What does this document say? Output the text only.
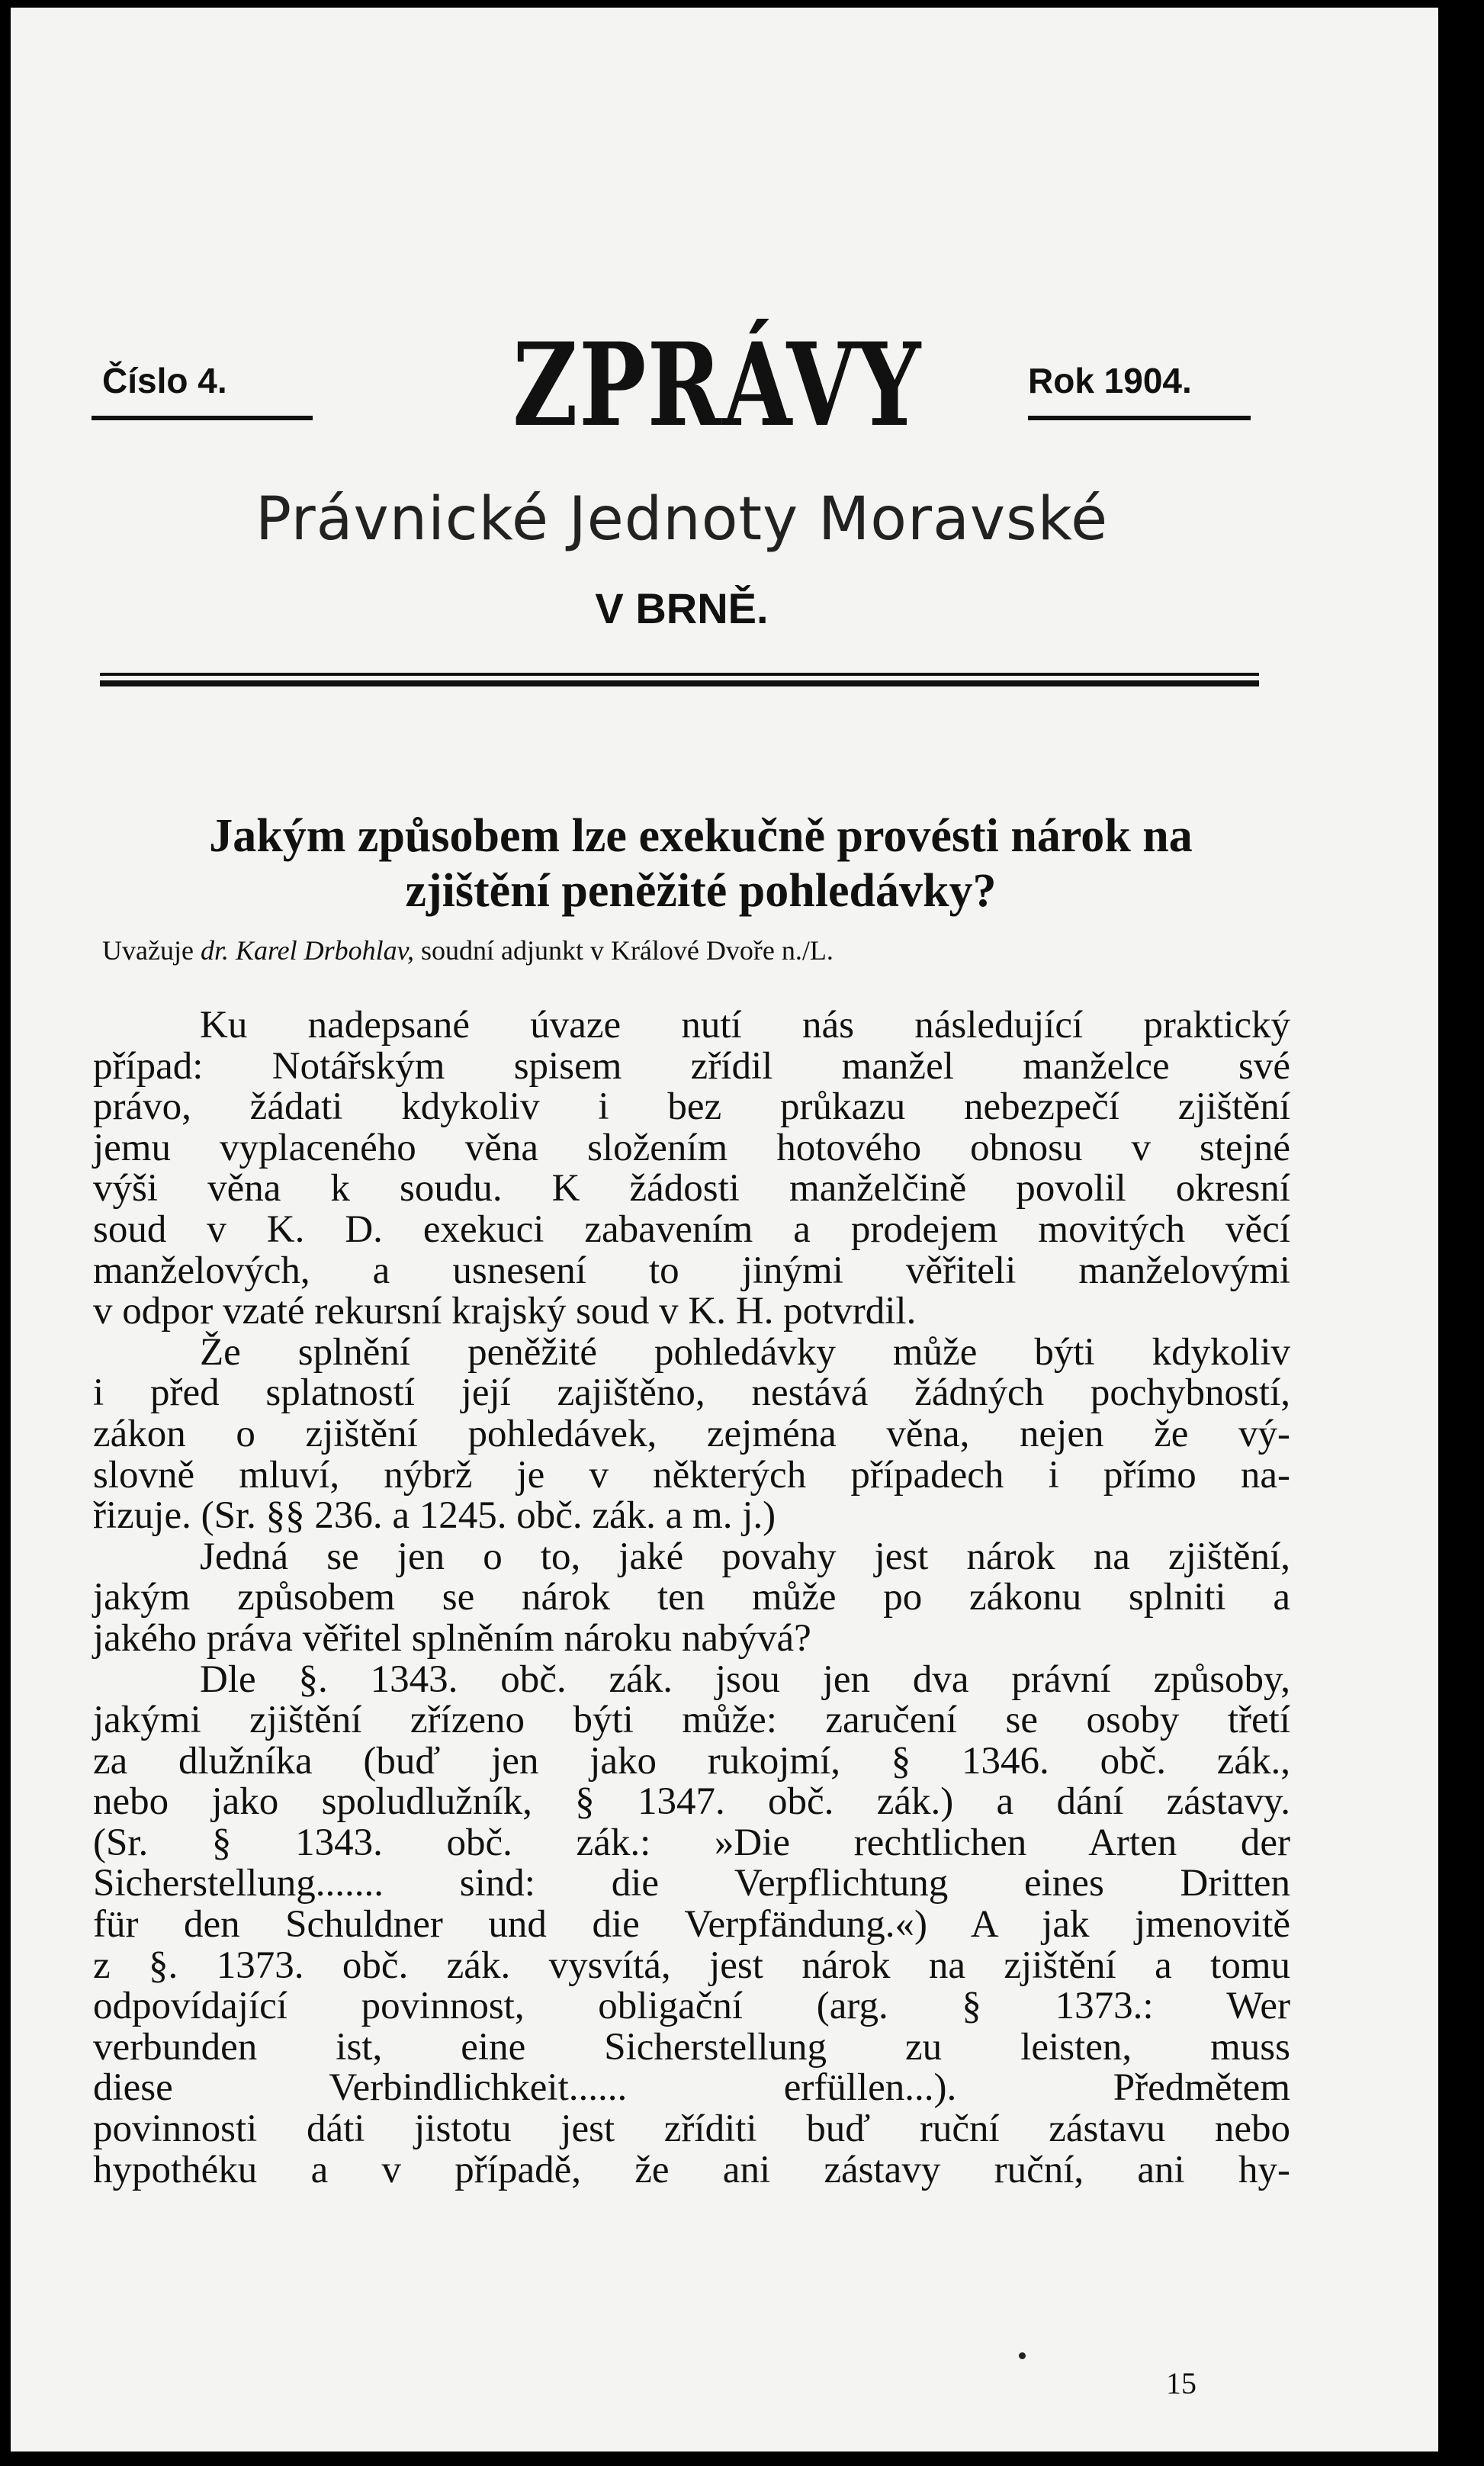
Číslo 4. ZPRÁVY	Rok 1904.
Právnické Jednoty Moravské
V BRNĚ.
Jakým způsobem lze exekučně provésti nárok na
zjištění peněžité pohledávky?
Uvažuje dr. Karel Drbohlav, soudní adjunkt v Králové Dvoře n./L.
Ku nadepsané úvaze nutí nás následující praktický
případ: Notářským spisem zřídil manžel manželce své
právo, žádati kdykoliv i bez průkazu nebezpečí zjištění
jemu vyplaceného věna složením hotového obnosu v stejné
výši věna k soudu. K žádosti manželčině povolil okresní
soud v K. D. exekuci zabavením a prodejem movitých věcí
manželových, a usnesení to jinými věřiteli manželovými
v odpor vzaté rekursní krajský soud v K. H. potvrdil.
Že splnění peněžité pohledávky může býti kdykoliv
i před splatností její zajištěno, nestává žádných pochybností,
zákon o zjištění pohledávek, zejména věna, nejen že vý-
slovně mluví, nýbrž je v některých případech i přímo na-
řizuje. (Sr. §§ 236. a 1245. obč. zák. a m. j.)
Jedná se jen o to, jaké povahy jest nárok na zjištění,
jakým způsobem se nárok ten může po zákonu splniti a
jakého práva věřitel splněním nároku nabývá?
Dle §. 1343. obč. zák. jsou jen dva právní způsoby,
jakými zjištění zřízeno býti může: zaručení se osoby třetí
za dlužníka (buď jen jako rukojmí, § 1346. obč. zák.,
nebo jako spoludlužník, § 1347. obč. zák.) a dání zástavy.
(Sr. § 1343. obč. zák.: »Die rechtlichen Arten der
Sicherstellung....... sind: die Verpflichtung eines Dritten
für den Schuldner und die Verpfändung.«) A jak jmenovitě
z §. 1373. obč. zák. vysvítá, jest nárok na zjištění a tomu
odpovídající povinnost, obligační (arg. § 1373.: Wer
verbunden ist, eine Sicherstellung zu leisten, muss
diese Verbindlichkeit...... erfüllen...). Předmětem
povinnosti dáti jistotu jest zříditi buď ruční zástavu nebo
hypothéku a v případě, že ani zástavy ruční, ani hy-
15
